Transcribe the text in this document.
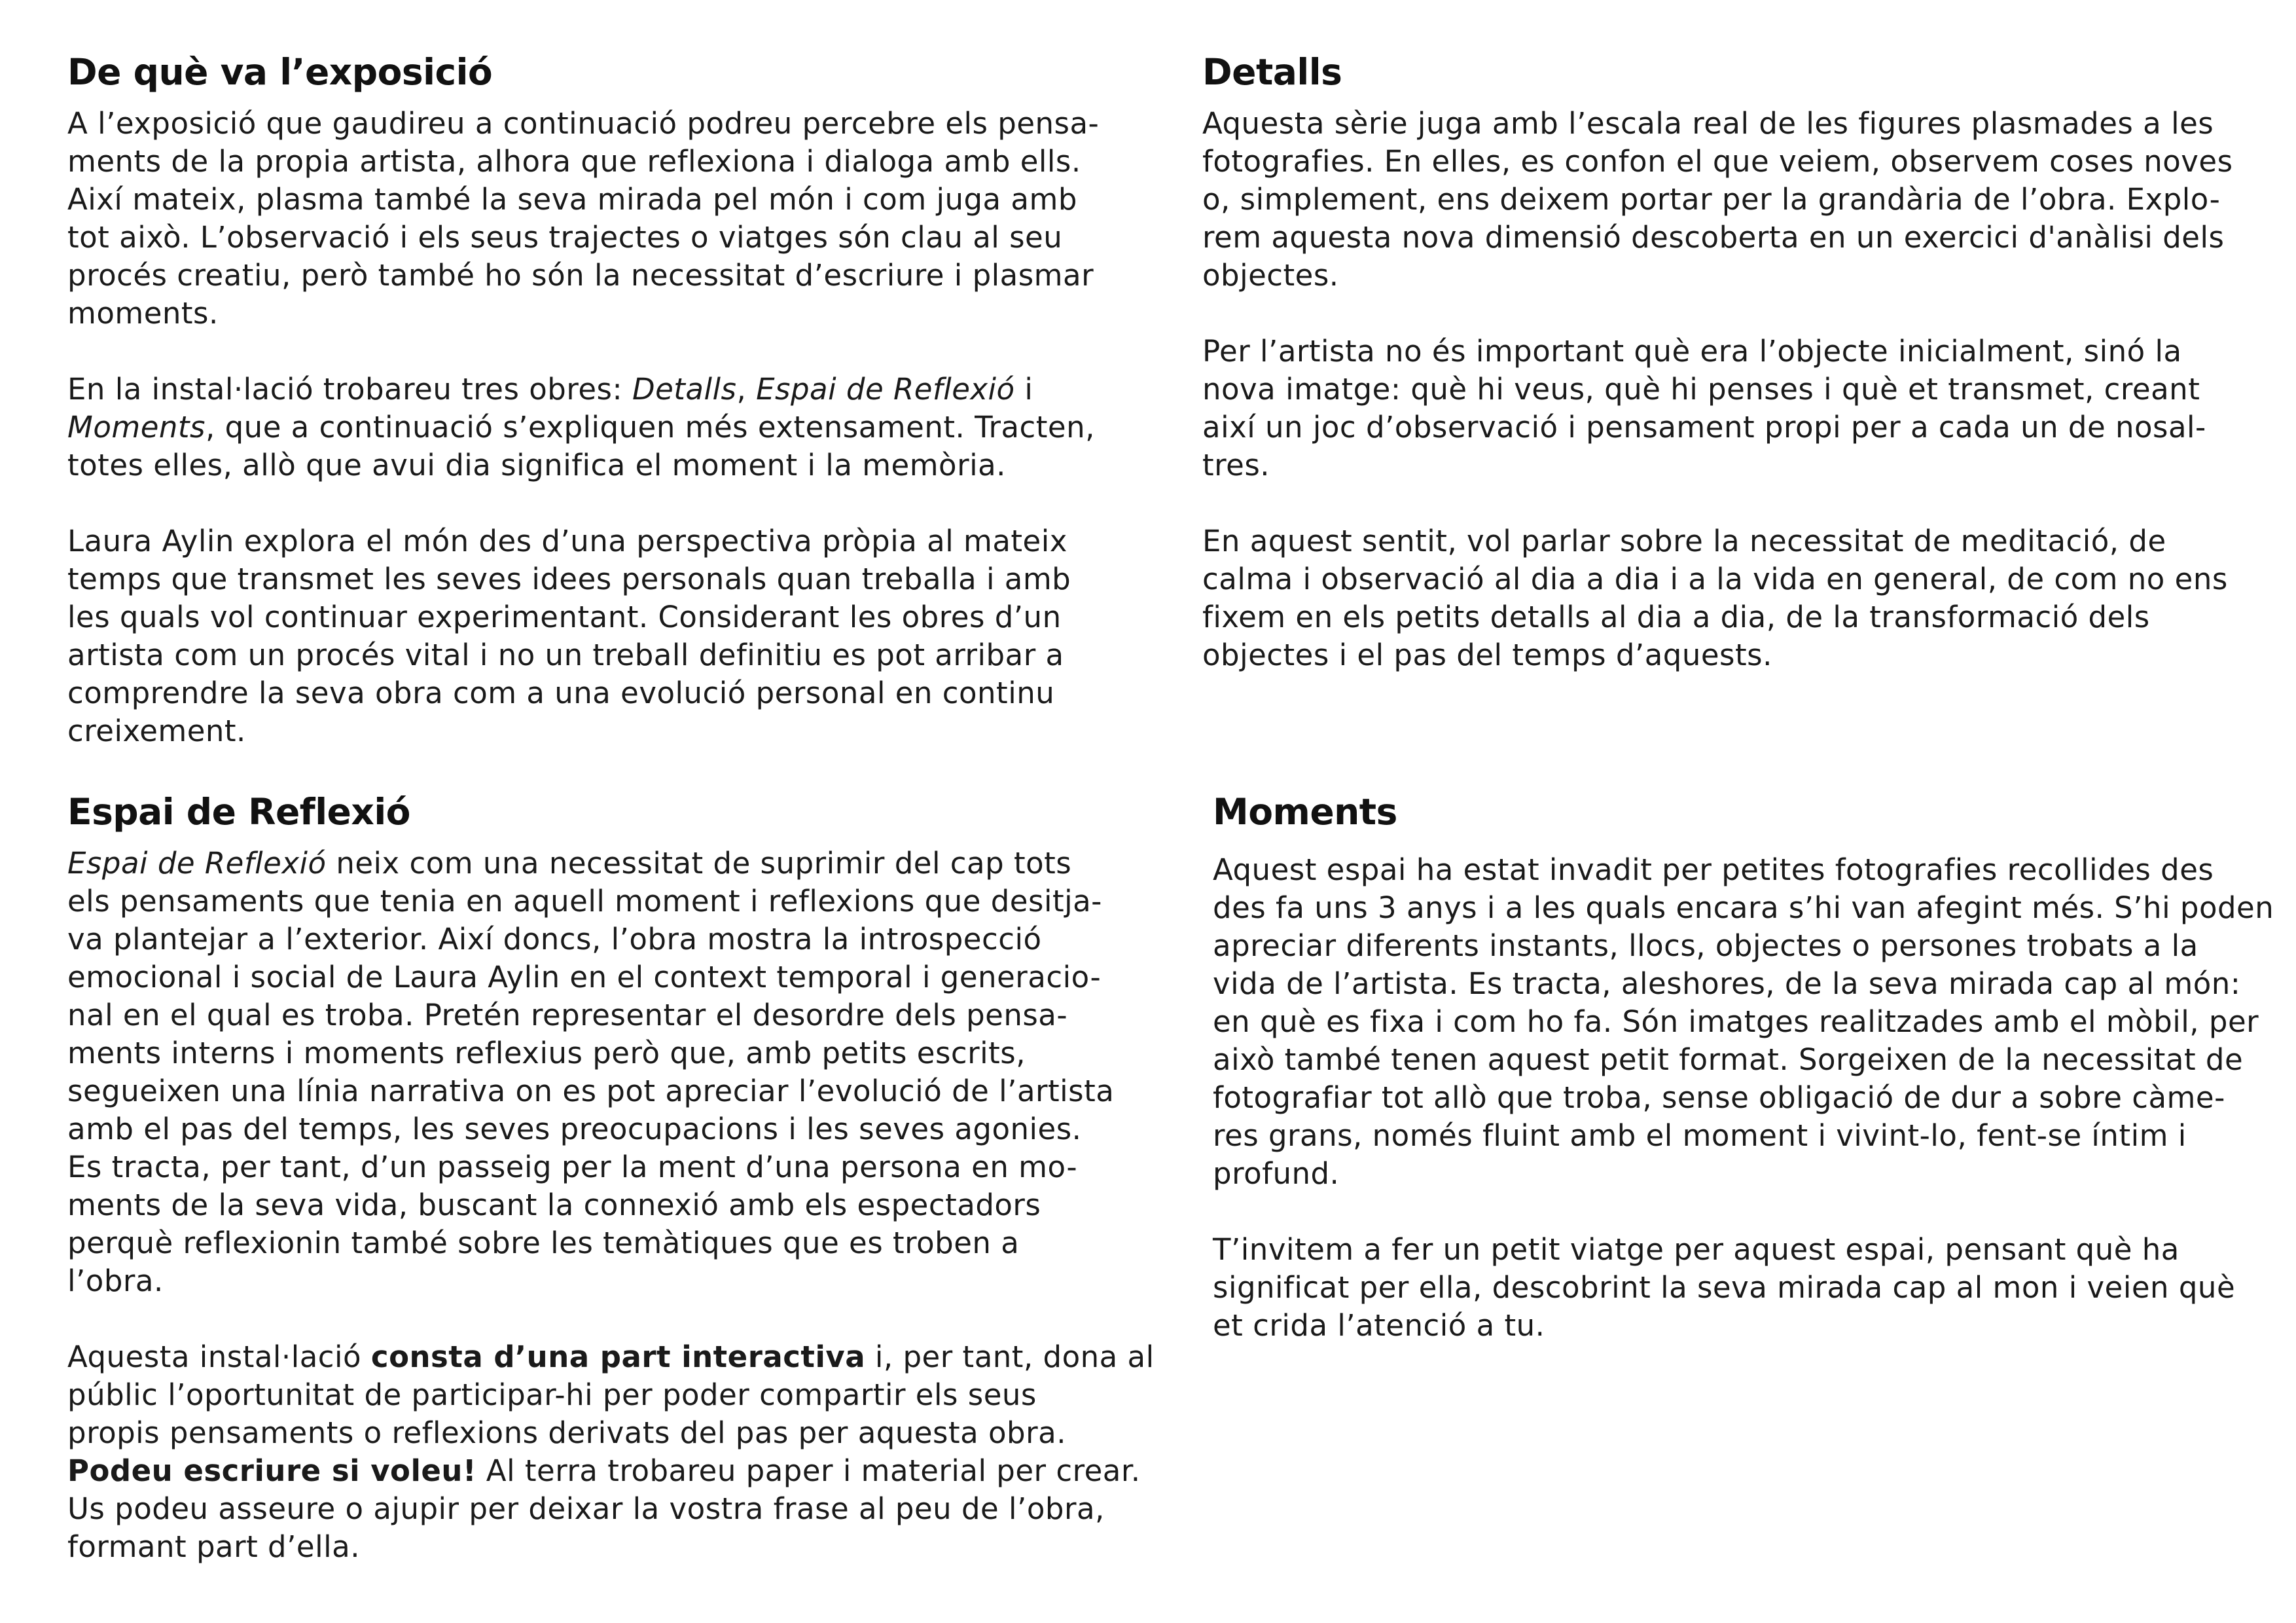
De què va l’exposició

A l’exposició que gaudireu a continuació podreu percebre els pensa-
ments de la propia artista, alhora que reflexiona i dialoga amb ells.
Així mateix, plasma també la seva mirada pel món i com juga amb
tot això. L’observació i els seus trajectes o viatges són clau al seu
procés creatiu, però també ho són la necessitat d’escriure i plasmar
moments.

En la instal·lació trobareu tres obres: Detalls, Espai de Reflexió i
Moments, que a continuació s’expliquen més extensament. Tracten,
totes elles, allò que avui dia significa el moment i la memòria.

Laura Aylin explora el món des d’una perspectiva pròpia al mateix
temps que transmet les seves idees personals quan treballa i amb
les quals vol continuar experimentant. Considerant les obres d’un
artista com un procés vital i no un treball definitiu es pot arribar a
comprendre la seva obra com a una evolució personal en continu
creixement.

Detalls

Aquesta sèrie juga amb l’escala real de les figures plasmades a les
fotografies. En elles, es confon el que veiem, observem coses noves
o, simplement, ens deixem portar per la grandària de l’obra. Explo-
rem aquesta nova dimensió descoberta en un exercici d'anàlisi dels
objectes.

Per l’artista no és important què era l’objecte inicialment, sinó la
nova imatge: què hi veus, què hi penses i què et transmet, creant
així un joc d’observació i pensament propi per a cada un de nosal-
tres.

En aquest sentit, vol parlar sobre la necessitat de meditació, de
calma i observació al dia a dia i a la vida en general, de com no ens
fixem en els petits detalls al dia a dia, de la transformació dels
objectes i el pas del temps d’aquests.

Espai de Reflexió

Espai de Reflexió neix com una necessitat de suprimir del cap tots
els pensaments que tenia en aquell moment i reflexions que desitja-
va plantejar a l’exterior. Així doncs, l’obra mostra la introspecció
emocional i social de Laura Aylin en el context temporal i generacio-
nal en el qual es troba. Pretén representar el desordre dels pensa-
ments interns i moments reflexius però que, amb petits escrits,
segueixen una línia narrativa on es pot apreciar l’evolució de l’artista
amb el pas del temps, les seves preocupacions i les seves agonies.
Es tracta, per tant, d’un passeig per la ment d’una persona en mo-
ments de la seva vida, buscant la connexió amb els espectadors
perquè reflexionin també sobre les temàtiques que es troben a
l’obra.

Aquesta instal·lació consta d’una part interactiva i, per tant, dona al
públic l’oportunitat de participar-hi per poder compartir els seus
propis pensaments o reflexions derivats del pas per aquesta obra.
Podeu escriure si voleu! Al terra trobareu paper i material per crear.
Us podeu asseure o ajupir per deixar la vostra frase al peu de l’obra,
formant part d’ella.

Moments

Aquest espai ha estat invadit per petites fotografies recollides des
des fa uns 3 anys i a les quals encara s’hi van afegint més. S’hi poden
apreciar diferents instants, llocs, objectes o persones trobats a la
vida de l’artista. Es tracta, aleshores, de la seva mirada cap al món:
en què es fixa i com ho fa. Són imatges realitzades amb el mòbil, per
això també tenen aquest petit format. Sorgeixen de la necessitat de
fotografiar tot allò que troba, sense obligació de dur a sobre càme-
res grans, només fluint amb el moment i vivint-lo, fent-se íntim i
profund.

T’invitem a fer un petit viatge per aquest espai, pensant què ha
significat per ella, descobrint la seva mirada cap al mon i veien què
et crida l’atenció a tu.
